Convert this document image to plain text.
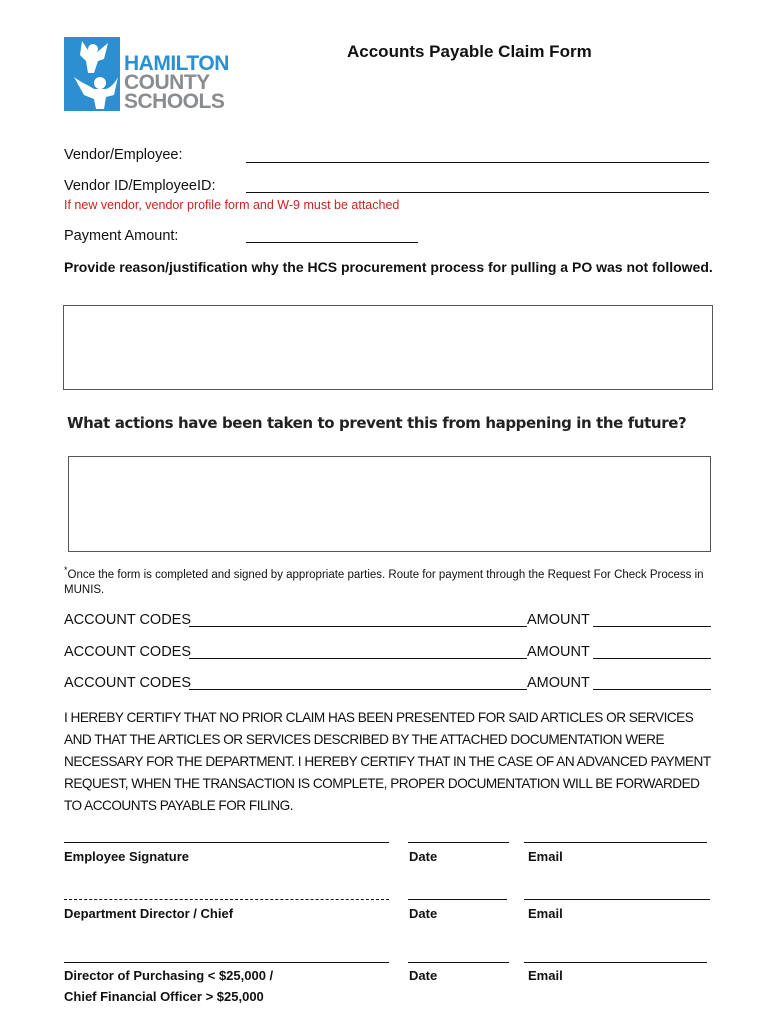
HAMILTON
COUNTY
SCHOOLS
Accounts Payable Claim Form
Vendor/Employee:
Vendor ID/EmployeeID:
If new vendor, vendor profile form and W-9 must be attached
Payment Amount:
Provide reason/justification why the HCS procurement process for pulling a PO was not followed.
What actions have been taken to prevent this from happening in the future?
*Once the form is completed and signed by appropriate parties. Route for payment through the Request For Check Process in MUNIS.
ACCOUNT CODES	AMOUNT
ACCOUNT CODES	AMOUNT
ACCOUNT CODES	AMOUNT
I HEREBY CERTIFY THAT NO PRIOR CLAIM HAS BEEN PRESENTED FOR SAID ARTICLES OR SERVICES AND THAT THE ARTICLES OR SERVICES DESCRIBED BY THE ATTACHED DOCUMENTATION WERE NECESSARY FOR THE DEPARTMENT. I HEREBY CERTIFY THAT IN THE CASE OF AN ADVANCED PAYMENT REQUEST, WHEN THE TRANSACTION IS COMPLETE, PROPER DOCUMENTATION WILL BE FORWARDED TO ACCOUNTS PAYABLE FOR FILING.
Employee Signature	Date	Email
Department Director / Chief	Date	Email
Director of Purchasing < $25,000 /
Chief Financial Officer > $25,000
Date	Email
